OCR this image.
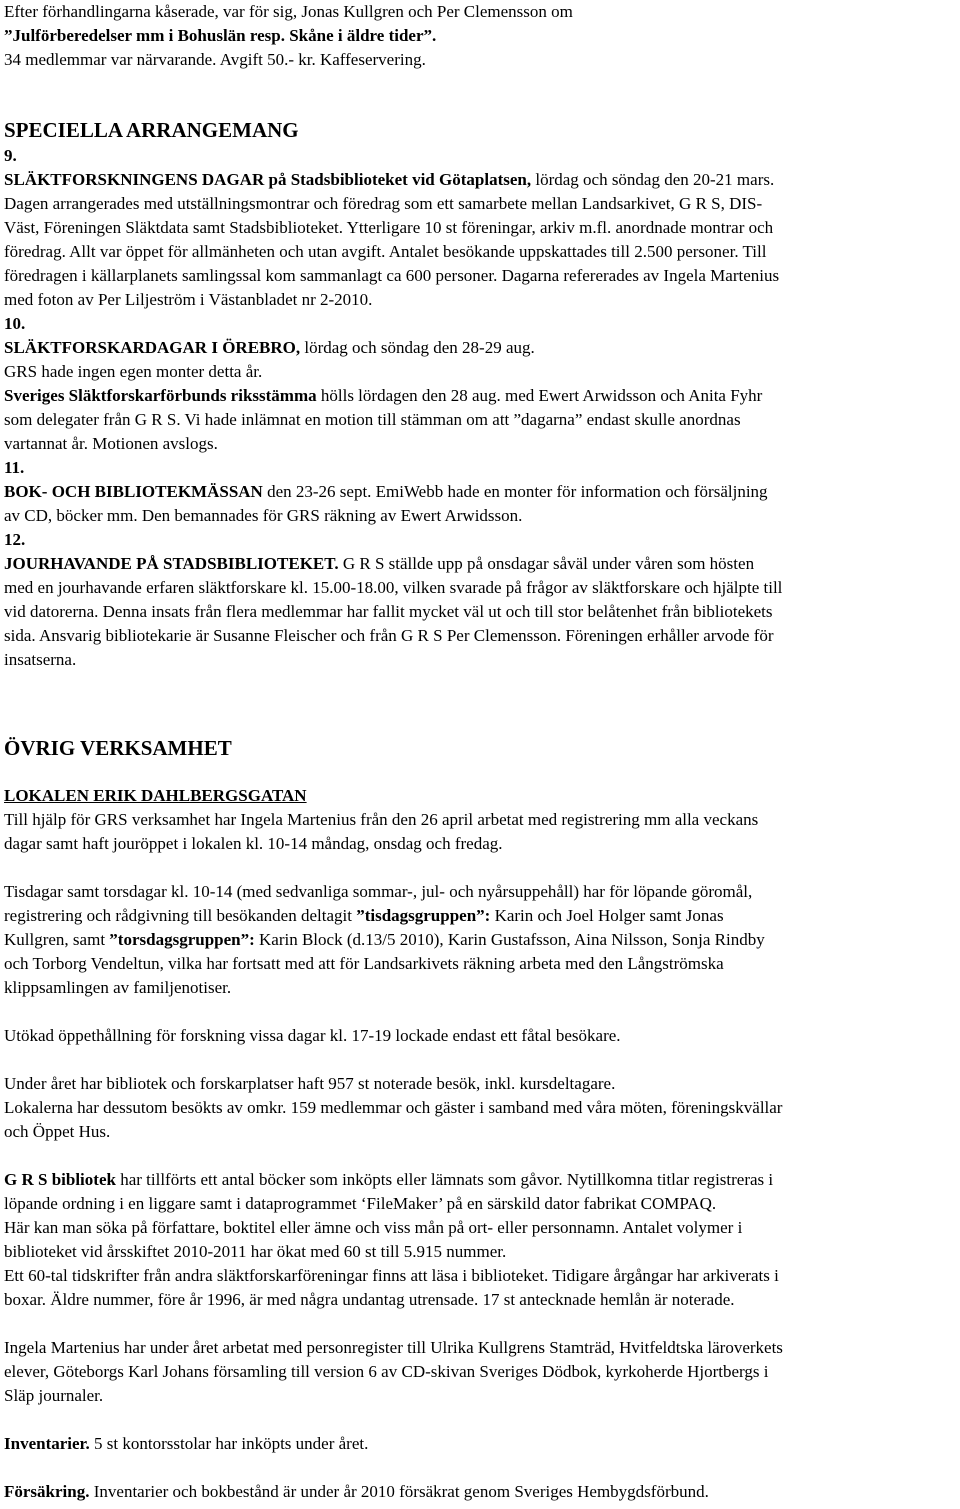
Efter förhandlingarna kåserade, var för sig, Jonas Kullgren och Per Clemensson om
”Julförberedelser mm i Bohuslän resp. Skåne i äldre tider”.
34 medlemmar var närvarande. Avgift 50.- kr. Kaffeservering.

SPECIELLA ARRANGEMANG

9.
SLÄKTFORSKNINGENS DAGAR på Stadsbiblioteket vid Götaplatsen, lördag och söndag den 20-21 mars.
Dagen arrangerades med utställningsmontrar och föredrag som ett samarbete mellan Landsarkivet, G R S, DIS-
Väst, Föreningen Släktdata samt Stadsbiblioteket. Ytterligare 10 st föreningar, arkiv m.fl. anordnade montrar och
föredrag. Allt var öppet för allmänheten och utan avgift. Antalet besökande uppskattades till 2.500 personer. Till
föredragen i källarplanets samlingssal kom sammanlagt ca 600 personer. Dagarna refererades av Ingela Martenius
med foton av Per Liljeström i Västanbladet nr 2-2010.

10.
SLÄKTFORSKARDAGAR I ÖREBRO, lördag och söndag den 28-29 aug.
GRS hade ingen egen monter detta år.
Sveriges Släktforskarförbunds riksstämma hölls lördagen den 28 aug. med Ewert Arwidsson och Anita Fyhr
som delegater från G R S. Vi hade inlämnat en motion till stämman om att ”dagarna” endast skulle anordnas
vartannat år. Motionen avslogs.

11.
BOK- OCH BIBLIOTEKMÄSSAN den 23-26 sept. EmiWebb hade en monter för information och försäljning
av CD, böcker mm. Den bemannades för GRS räkning av Ewert Arwidsson.

12.
JOURHAVANDE PÅ STADSBIBLIOTEKET. G R S ställde upp på onsdagar såväl under våren som hösten
med en jourhavande erfaren släktforskare kl. 15.00-18.00, vilken svarade på frågor av släktforskare och hjälpte till
vid datorerna. Denna insats från flera medlemmar har fallit mycket väl ut och till stor belåtenhet från bibliotekets
sida. Ansvarig bibliotekarie är Susanne Fleischer och från G R S Per Clemensson. Föreningen erhåller arvode för
insatserna.

ÖVRIG VERKSAMHET
LOKALEN ERIK DAHLBERGSGATAN

Till hjälp för GRS verksamhet har Ingela Martenius från den 26 april arbetat med registrering mm alla veckans
dagar samt haft jouröppet i lokalen kl. 10-14 måndag, onsdag och fredag.

Tisdagar samt torsdagar kl. 10-14 (med sedvanliga sommar-, jul- och nyårsuppehåll) har för löpande göromål,
registrering och rådgivning till besökanden deltagit ”tisdagsgruppen”: Karin och Joel Holger samt Jonas
Kullgren, samt ”torsdagsgruppen”: Karin Block (d.13/5 2010), Karin Gustafsson, Aina Nilsson, Sonja Rindby
och Torborg Vendeltun, vilka har fortsatt med att för Landsarkivets räkning arbeta med den Långströmska
klippsamlingen av familjenotiser.

Utökad öppethållning för forskning vissa dagar kl. 17-19 lockade endast ett fåtal besökare.

Under året har bibliotek och forskarplatser haft 957 st noterade besök, inkl. kursdeltagare.
Lokalerna har dessutom besökts av omkr. 159 medlemmar och gäster i samband med våra möten, föreningskvällar
och Öppet Hus.

G R S bibliotek har tillförts ett antal böcker som inköpts eller lämnats som gåvor. Nytillkomna titlar registreras i
löpande ordning i en liggare samt i dataprogrammet ‘FileMaker’ på en särskild dator fabrikat COMPAQ.
Här kan man söka på författare, boktitel eller ämne och viss mån på ort- eller personnamn. Antalet volymer i
biblioteket vid årsskiftet 2010-2011 har ökat med 60 st till 5.915 nummer.
Ett 60-tal tidskrifter från andra släktforskarföreningar finns att läsa i biblioteket. Tidigare årgångar har arkiverats i
boxar. Äldre nummer, före år 1996, är med några undantag utrensade. 17 st antecknade hemlån är noterade.

Ingela Martenius har under året arbetat med personregister till Ulrika Kullgrens Stamträd, Hvitfeldtska läroverkets
elever, Göteborgs Karl Johans församling till version 6 av CD-skivan Sveriges Dödbok, kyrkoherde Hjortbergs i
Släp journaler.

Inventarier. 5 st kontorsstolar har inköpts under året.

Försäkring. Inventarier och bokbestånd är under år 2010 försäkrat genom Sveriges Hembygdsförbund.
